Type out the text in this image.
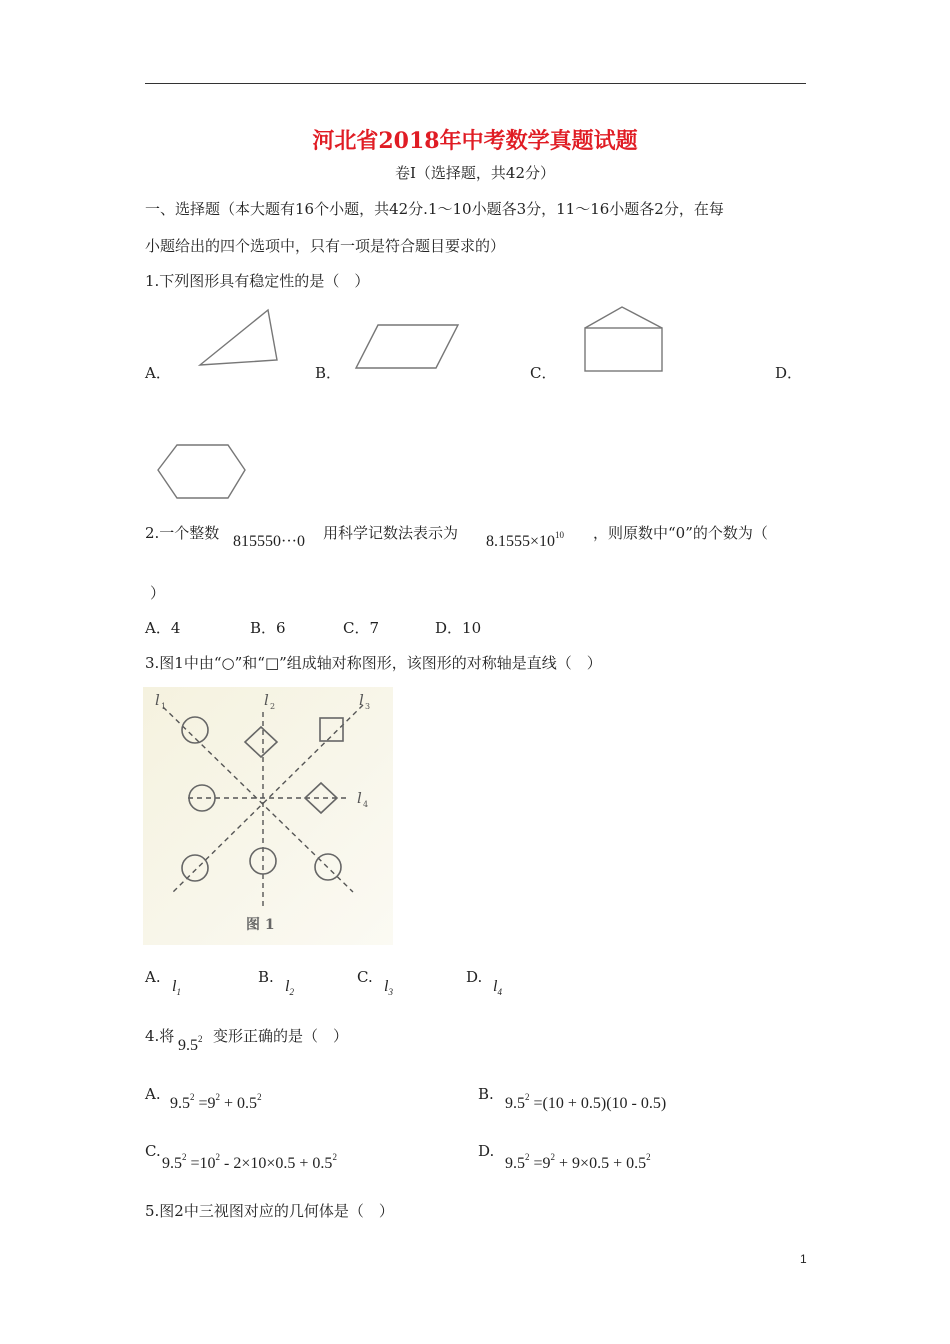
河北省2018年中考数学真题试题
卷Ⅰ（选择题，共42分）
一、选择题（本大题有16个小题，共42分.1～10小题各3分，11～16小题各2分，在每
小题给出的四个选项中，只有一项是符合题目要求的）
1.下列图形具有稳定性的是（　）
A．	B．	C．	D．
2.一个整数 815550···0 用科学记数法表示为 $8.1555\times 10^{10}$ ，则原数中“0”的个数为（
）
A．4	B．6	C．7	D．10
3.图1中由“○”和“□”组成轴对称图形，该图形的对称轴是直线（　）
l 1	l 2	l 3
l 4
图 1
A.
$l_1$
B.
$l_2$
C.
$l_3$
D.
$l_4$
4.将
$9.5^2$ 变形正确的是（　）
A.
$9.5^2 =9^2 + 0.5^2$	B.
$9.5^2 =(10 + 0.5)(10 - 0.5)$
C.
$9.5^2 =10^2 - 2\times 10\times 0.5 + 0.5^2$	D.
$9.5^2 =9^2 + 9\times 0.5 + 0.5^2$
5.图2中三视图对应的几何体是（　）
1
